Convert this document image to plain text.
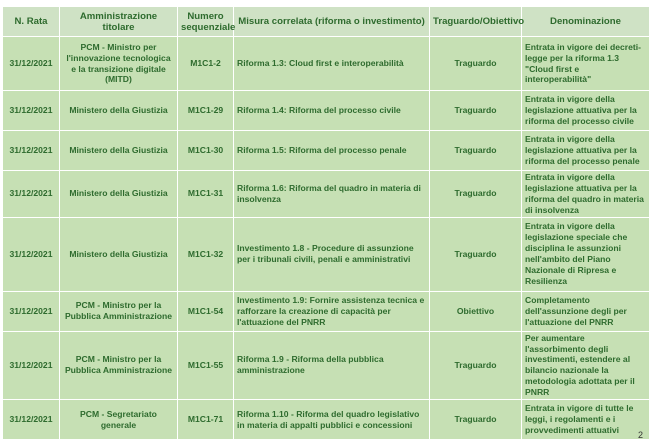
N. Rata	Amministrazione titolare	Numero sequenziale	Misura correlata (riforma o investimento)	Traguardo/Obiettivo	Denominazione
31/12/2021	PCM - Ministro per l'innovazione tecnologica e la transizione digitale (MITD)	M1C1-2	Riforma 1.3: Cloud first e interoperabilità	Traguardo	Entrata in vigore dei decreti-legge per la riforma 1.3 "Cloud first e interoperabilità"
31/12/2021	Ministero della Giustizia	M1C1-29	Riforma 1.4: Riforma del processo civile	Traguardo	Entrata in vigore della legislazione attuativa per la riforma del processo civile
31/12/2021	Ministero della Giustizia	M1C1-30	Riforma 1.5: Riforma del processo penale	Traguardo	Entrata in vigore della legislazione attuativa per la riforma del processo penale
31/12/2021	Ministero della Giustizia	M1C1-31	Riforma 1.6: Riforma del quadro in materia di insolvenza	Traguardo	Entrata in vigore della legislazione attuativa per la riforma del quadro in materia di insolvenza
31/12/2021	Ministero della Giustizia	M1C1-32	Investimento 1.8 - Procedure di assunzione per i tribunali civili, penali e amministrativi	Traguardo	Entrata in vigore della legislazione speciale che disciplina le assunzioni nell'ambito del Piano Nazionale di Ripresa e Resilienza
31/12/2021	PCM - Ministro per la Pubblica Amministrazione	M1C1-54	Investimento 1.9: Fornire assistenza tecnica e rafforzare la creazione di capacità per l'attuazione del PNRR	Obiettivo	Completamento dell'assunzione degli per l'attuazione del PNRR
31/12/2021	PCM - Ministro per la Pubblica Amministrazione	M1C1-55	Riforma 1.9 - Riforma della pubblica amministrazione	Traguardo	Per aumentare l'assorbimento degli investimenti, estendere al bilancio nazionale la metodologia adottata per il PNRR
31/12/2021	PCM - Segretariato generale	M1C1-71	Riforma 1.10 - Riforma del quadro legislativo in materia di appalti pubblici e concessioni	Traguardo	Entrata in vigore di tutte le leggi, i regolamenti e i provvedimenti attuativi 2
